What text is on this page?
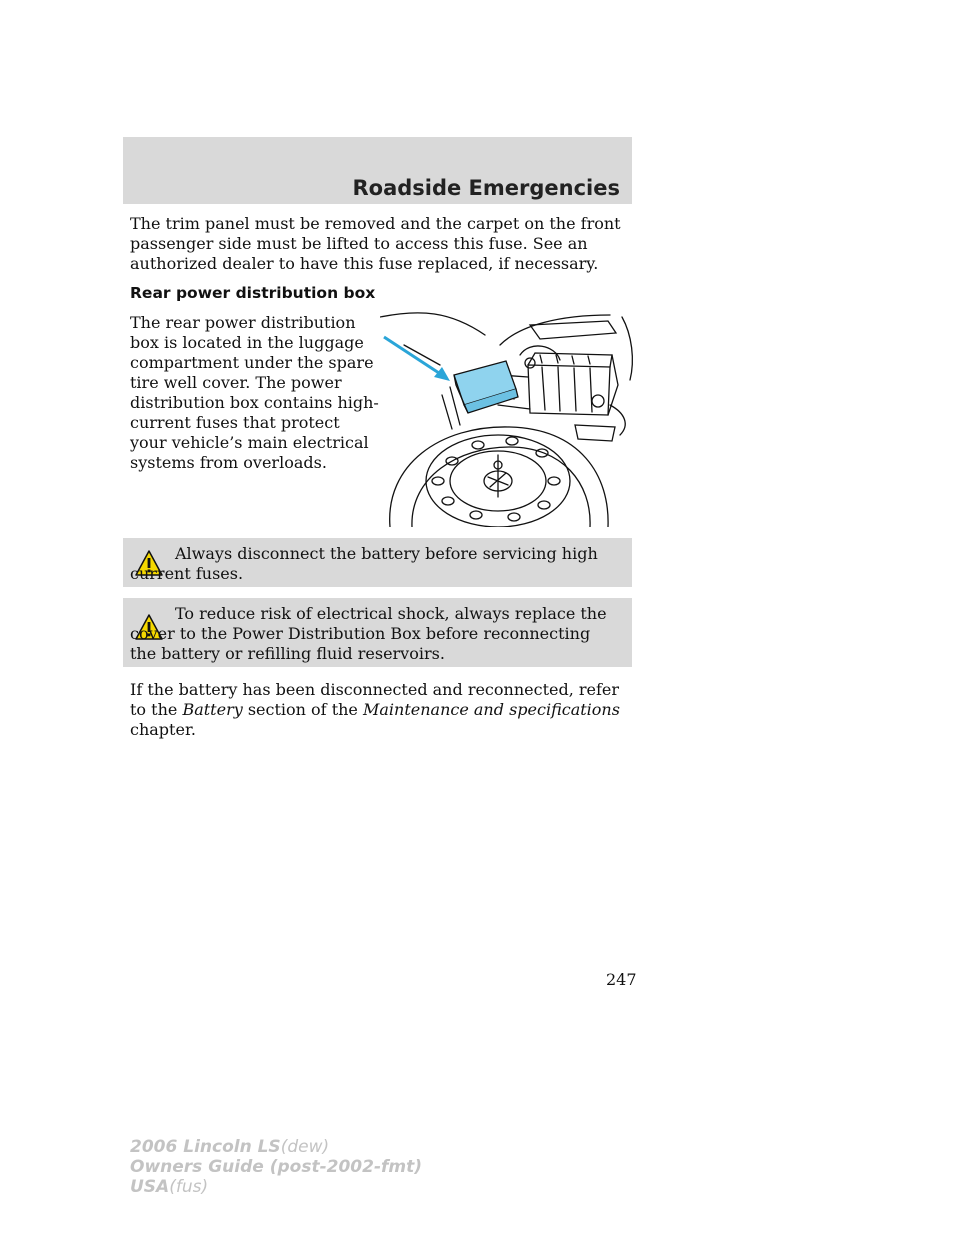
Roadside Emergencies
The trim panel must be removed and the carpet on the front passenger side must be lifted to access this fuse. See an authorized dealer to have this fuse replaced, if necessary.
Rear power distribution box
The rear power distribution box is located in the luggage compartment under the spare tire well cover. The power distribution box contains high-current fuses that protect your vehicle’s main electrical systems from overloads.
Always disconnect the battery before servicing high current fuses.
To reduce risk of electrical shock, always replace the cover to the Power Distribution Box before reconnecting the battery or refilling fluid reservoirs.
If the battery has been disconnected and reconnected, refer to the Battery section of the Maintenance and specifications chapter.
247
2006 Lincoln LS(dew)
Owners Guide (post-2002-fmt)
USA(fus)
